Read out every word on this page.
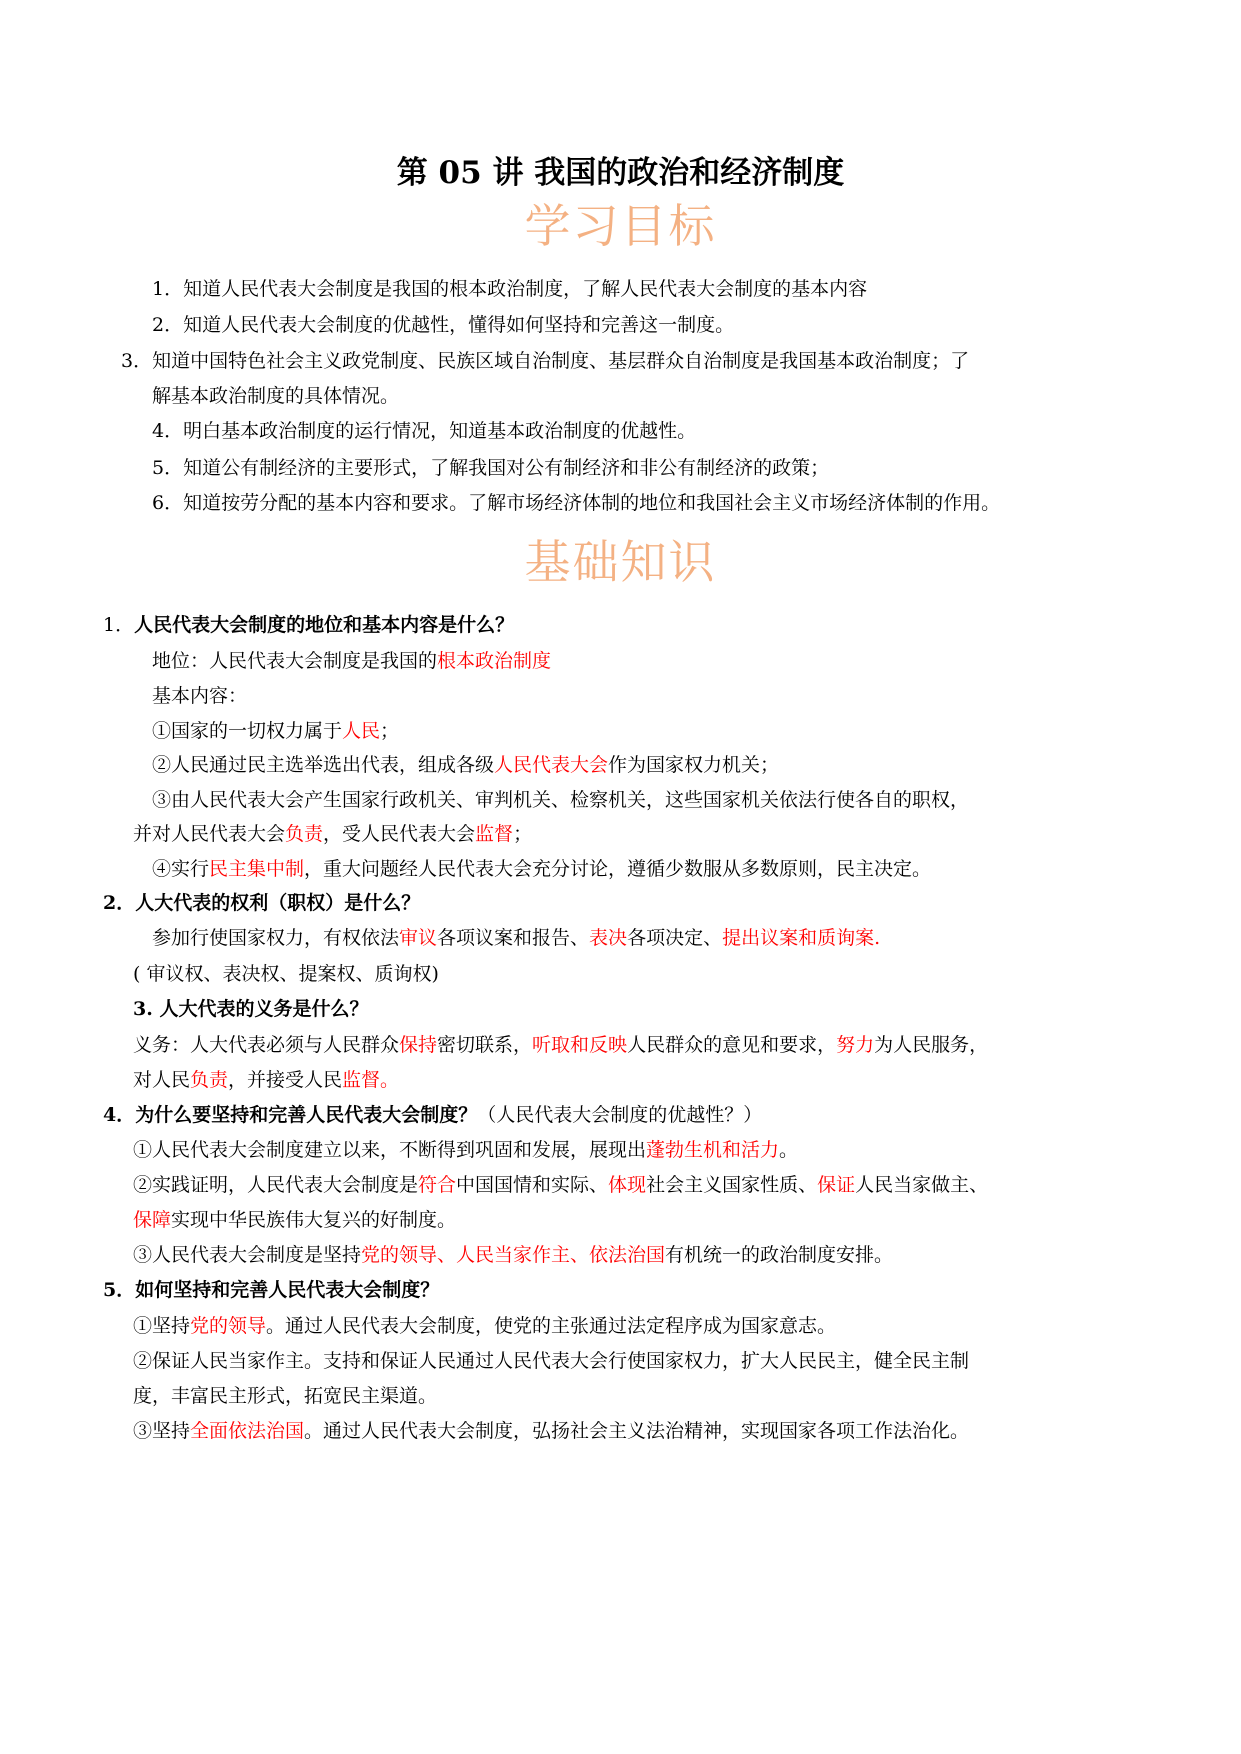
第 05 讲 我国的政治和经济制度
学习目标
1．知道人民代表大会制度是我国的根本政治制度，了解人民代表大会制度的基本内容
2．知道人民代表大会制度的优越性，懂得如何坚持和完善这一制度。
3．知道中国特色社会主义政党制度、民族区域自治制度、基层群众自治制度是我国基本政治制度；了
解基本政治制度的具体情况。
4．明白基本政治制度的运行情况，知道基本政治制度的优越性。
5．知道公有制经济的主要形式，了解我国对公有制经济和非公有制经济的政策；
6．知道按劳分配的基本内容和要求。了解市场经济体制的地位和我国社会主义市场经济体制的作用。
基础知识
1．人民代表大会制度的地位和基本内容是什么？
地位：人民代表大会制度是我国的根本政治制度
基本内容：
①国家的一切权力属于人民；
②人民通过民主选举选出代表，组成各级人民代表大会作为国家权力机关；
③由人民代表大会产生国家行政机关、审判机关、检察机关，这些国家机关依法行使各自的职权，
并对人民代表大会负责，受人民代表大会监督；
④实行民主集中制，重大问题经人民代表大会充分讨论，遵循少数服从多数原则，民主决定。
2．人大代表的权利（职权）是什么？
参加行使国家权力，有权依法审议各项议案和报告、表决各项决定、提出议案和质询案.
( 审议权、表决权、提案权、质询权)
3. 人大代表的义务是什么？
义务：人大代表必须与人民群众保持密切联系，听取和反映人民群众的意见和要求，努力为人民服务，
对人民负责，并接受人民监督。
4．为什么要坚持和完善人民代表大会制度？（人民代表大会制度的优越性？）
①人民代表大会制度建立以来，不断得到巩固和发展，展现出蓬勃生机和活力。
②实践证明，人民代表大会制度是符合中国国情和实际、体现社会主义国家性质、保证人民当家做主、
保障实现中华民族伟大复兴的好制度。
③人民代表大会制度是坚持党的领导、人民当家作主、依法治国有机统一的政治制度安排。
5．如何坚持和完善人民代表大会制度？
①坚持党的领导。通过人民代表大会制度，使党的主张通过法定程序成为国家意志。
②保证人民当家作主。支持和保证人民通过人民代表大会行使国家权力，扩大人民民主，健全民主制
度，丰富民主形式，拓宽民主渠道。
③坚持全面依法治国。通过人民代表大会制度，弘扬社会主义法治精神，实现国家各项工作法治化。
